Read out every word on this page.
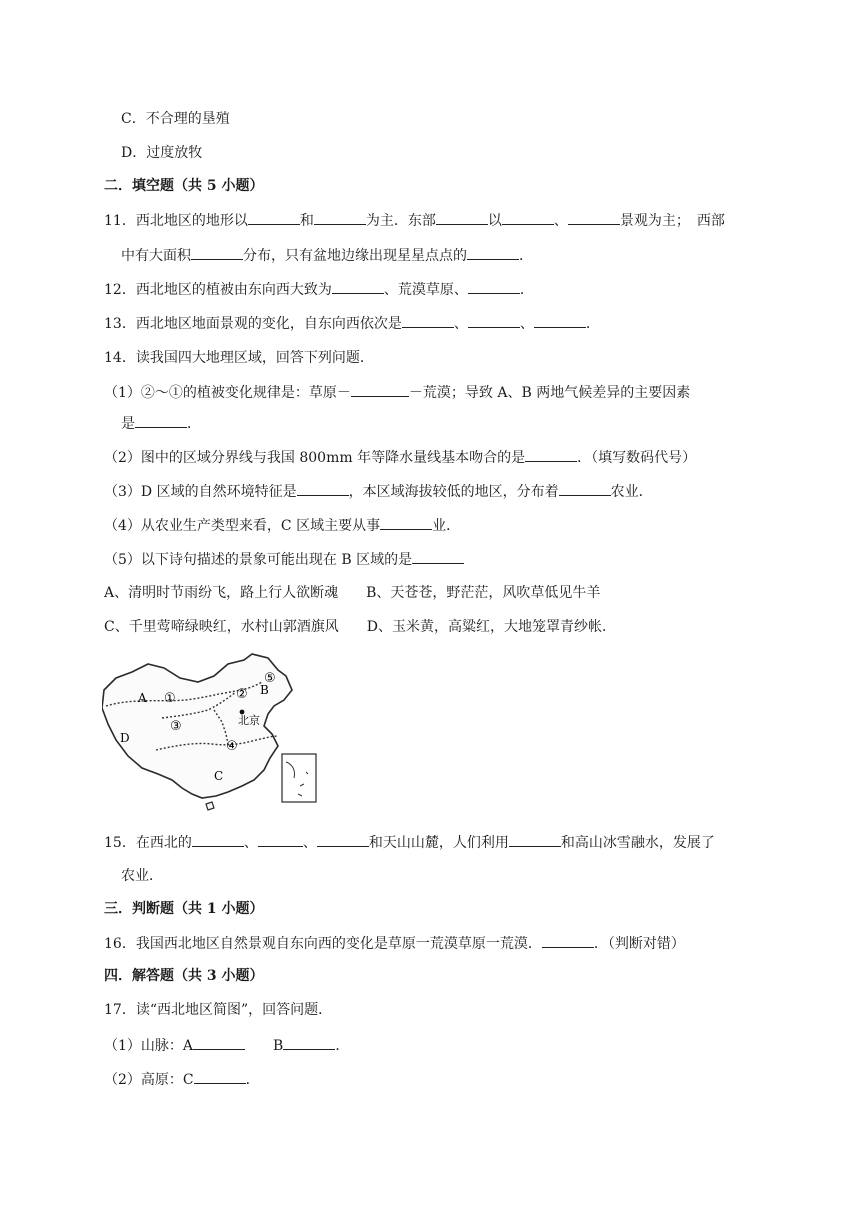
C．不合理的垦殖
D．过度放牧
二．填空题（共 5 小题）
11．西北地区的地形以	和	为主．东部	以	、	景观为主；　西部
中有大面积	分布，只有盆地边缘出现星星点点的	．
12．西北地区的植被由东向西大致为	、荒漠草原、	．
13．西北地区地面景观的变化，自东向西依次是	、	、	．
14．读我国四大地理区域，回答下列问题．
（1）②～①的植被变化规律是：草原－	－荒漠；导致 A、B 两地气候差异的主要因素
是	．
（2）图中的区域分界线与我国 800mm 年等降水量线基本吻合的是	．（填写数码代号）
（3）D 区域的自然环境特征是	，本区域海拔较低的地区，分布着	农业．
（4）从农业生产类型来看，C 区域主要从事	业．
（5）以下诗句描述的景象可能出现在 B 区域的是
A、清明时节雨纷飞，路上行人欲断魂 B、天苍苍，野茫茫，风吹草低见牛羊
C、千里莺啼绿映红，水村山郭酒旗风 D、玉米黄，高粱红，大地笼罩青纱帐．
A ①	② B
⑤
北京
③
D
④
C
15．在西北的	、	、	和天山山麓，人们利用	和高山冰雪融水，发展了
农业．
三．判断题（共 1 小题）
16．我国西北地区自然景观自东向西的变化是草原一荒漠草原一荒漠．	．（判断对错）
四．解答题（共 3 小题）
17．读“西北地区简图”，回答问题．
（1）山脉：A	B	．
（2）高原：C	．
